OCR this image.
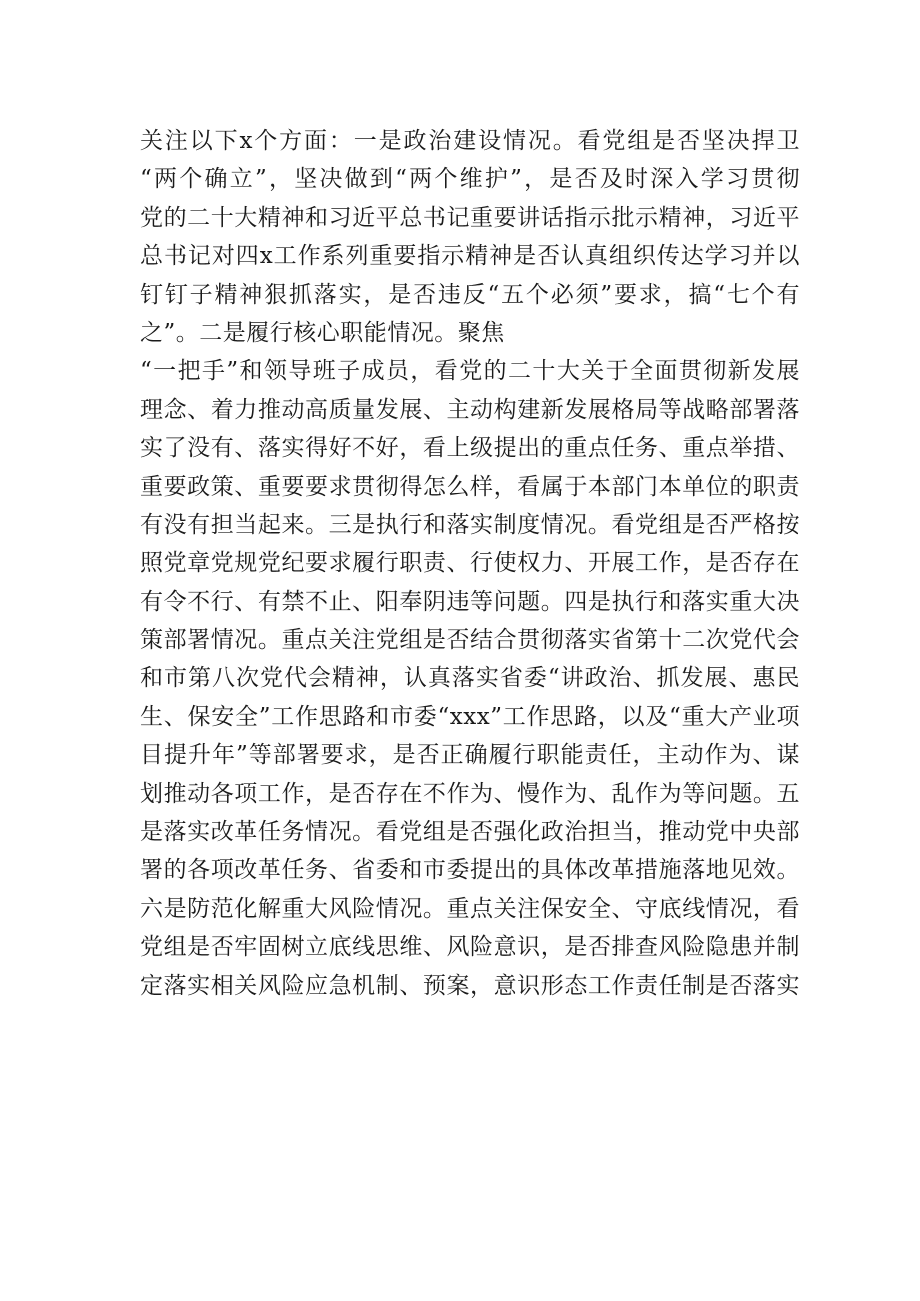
关注以下x个方面：一是政治建设情况。看党组是否坚决捍卫
“两个确立”，坚决做到“两个维护”，是否及时深入学习贯彻
党的二十大精神和习近平总书记重要讲话指示批示精神，习近平
总书记对四x工作系列重要指示精神是否认真组织传达学习并以
钉钉子精神狠抓落实，是否违反“五个必须”要求，搞“七个有
之”。二是履行核心职能情况。聚焦
“一把手”和领导班子成员，看党的二十大关于全面贯彻新发展
理念、着力推动高质量发展、主动构建新发展格局等战略部署落
实了没有、落实得好不好，看上级提出的重点任务、重点举措、
重要政策、重要要求贯彻得怎么样，看属于本部门本单位的职责
有没有担当起来。三是执行和落实制度情况。看党组是否严格按
照党章党规党纪要求履行职责、行使权力、开展工作，是否存在
有令不行、有禁不止、阳奉阴违等问题。四是执行和落实重大决
策部署情况。重点关注党组是否结合贯彻落实省第十二次党代会
和市第八次党代会精神，认真落实省委“讲政治、抓发展、惠民
生、保安全”工作思路和市委“xxx”工作思路，以及“重大产业项
目提升年”等部署要求，是否正确履行职能责任，主动作为、谋
划推动各项工作，是否存在不作为、慢作为、乱作为等问题。五
是落实改革任务情况。看党组是否强化政治担当，推动党中央部
署的各项改革任务、省委和市委提出的具体改革措施落地见效。
六是防范化解重大风险情况。重点关注保安全、守底线情况，看
党组是否牢固树立底线思维、风险意识，是否排查风险隐患并制
定落实相关风险应急机制、预案，意识形态工作责任制是否落实
